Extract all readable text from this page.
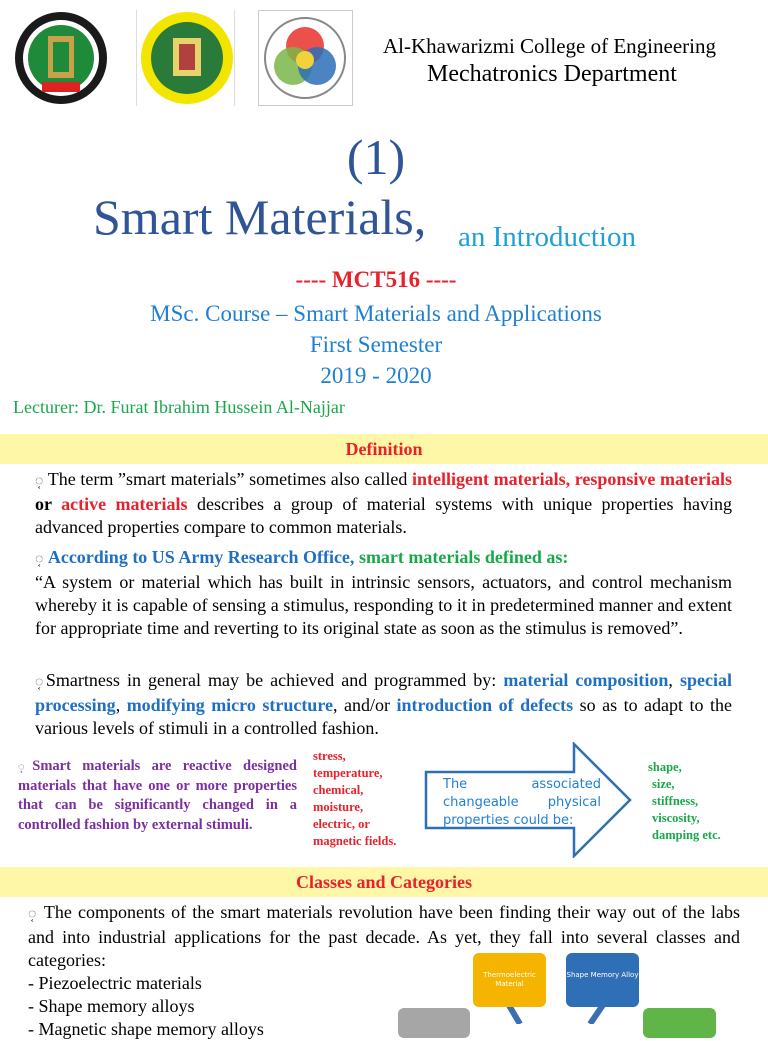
Al-Khawarizmi College of Engineering
Mechatronics Department
(1)
Smart Materials, an Introduction
---- MCT516 ----
MSc. Course – Smart Materials and Applications
First Semester
2019 - 2020
Lecturer: Dr. Furat Ibrahim Hussein Al-Najjar
Definition
◌͔ The term ”smart materials” sometimes also called intelligent materials, responsive materials or active materials describes a group of material systems with unique properties having advanced properties compare to common materials.
◌͔ According to US Army Research Office, smart materials defined as:
“A system or material which has built in intrinsic sensors, actuators, and control mechanism whereby it is capable of sensing a stimulus, responding to it in predetermined manner and extent for appropriate time and reverting to its original state as soon as the stimulus is removed”.
◌͔Smartness in general may be achieved and programmed by: material composition, special processing, modifying micro structure, and/or introduction of defects so as to adapt to the various levels of stimuli in a controlled fashion.
◌͔Smart materials are reactive designed materials that have one or more properties that can be significantly changed in a controlled fashion by external stimuli.
stress,
temperature,
chemical,
moisture,
electric, or
magnetic fields.
The associated changeable physical properties could be:
shape,
size,
stiffness,
viscosity,
damping etc.
Classes and Categories
◌͔ The components of the smart materials revolution have been finding their way out of the labs and into industrial applications for the past decade. As yet, they fall into several classes and categories:
- Piezoelectric materials
- Shape memory alloys
- Magnetic shape memory alloys
Thermoelectric Material
Shape Memory Alloy
